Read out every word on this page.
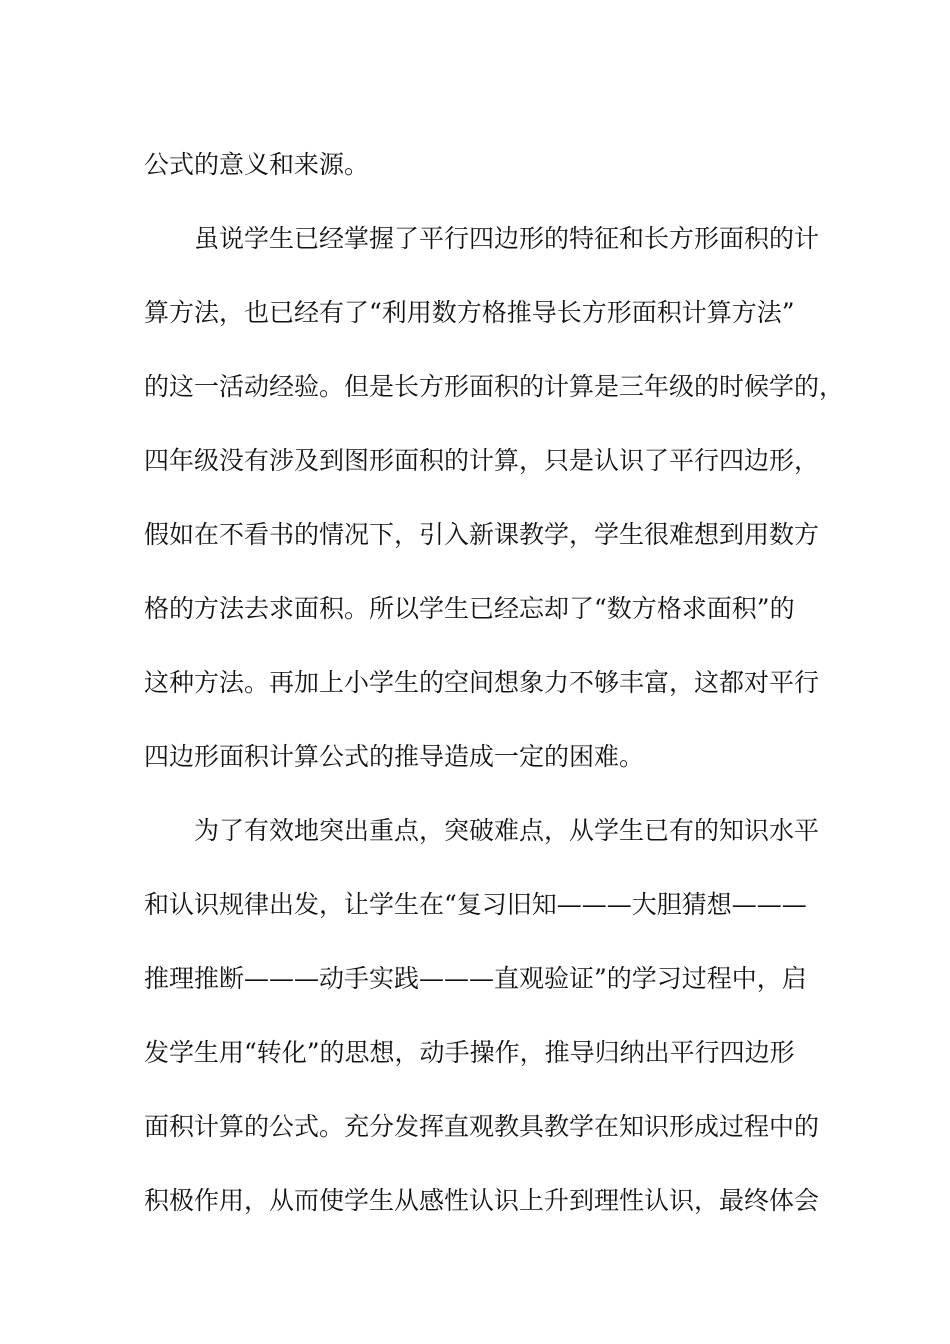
公式的意义和来源。
虽说学生已经掌握了平行四边形的特征和长方形面积的计
算方法，也已经有了“利用数方格推导长方形面积计算方法”
的这一活动经验。但是长方形面积的计算是三年级的时候学的，
四年级没有涉及到图形面积的计算，只是认识了平行四边形，
假如在不看书的情况下，引入新课教学，学生很难想到用数方
格的方法去求面积。所以学生已经忘却了“数方格求面积”的
这种方法。再加上小学生的空间想象力不够丰富，这都对平行
四边形面积计算公式的推导造成一定的困难。
为了有效地突出重点，突破难点，从学生已有的知识水平
和认识规律出发，让学生在“复习旧知———大胆猜想———
推理推断———动手实践———直观验证”的学习过程中，启
发学生用“转化”的思想，动手操作，推导归纳出平行四边形
面积计算的公式。充分发挥直观教具教学在知识形成过程中的
积极作用，从而使学生从感性认识上升到理性认识，最终体会
